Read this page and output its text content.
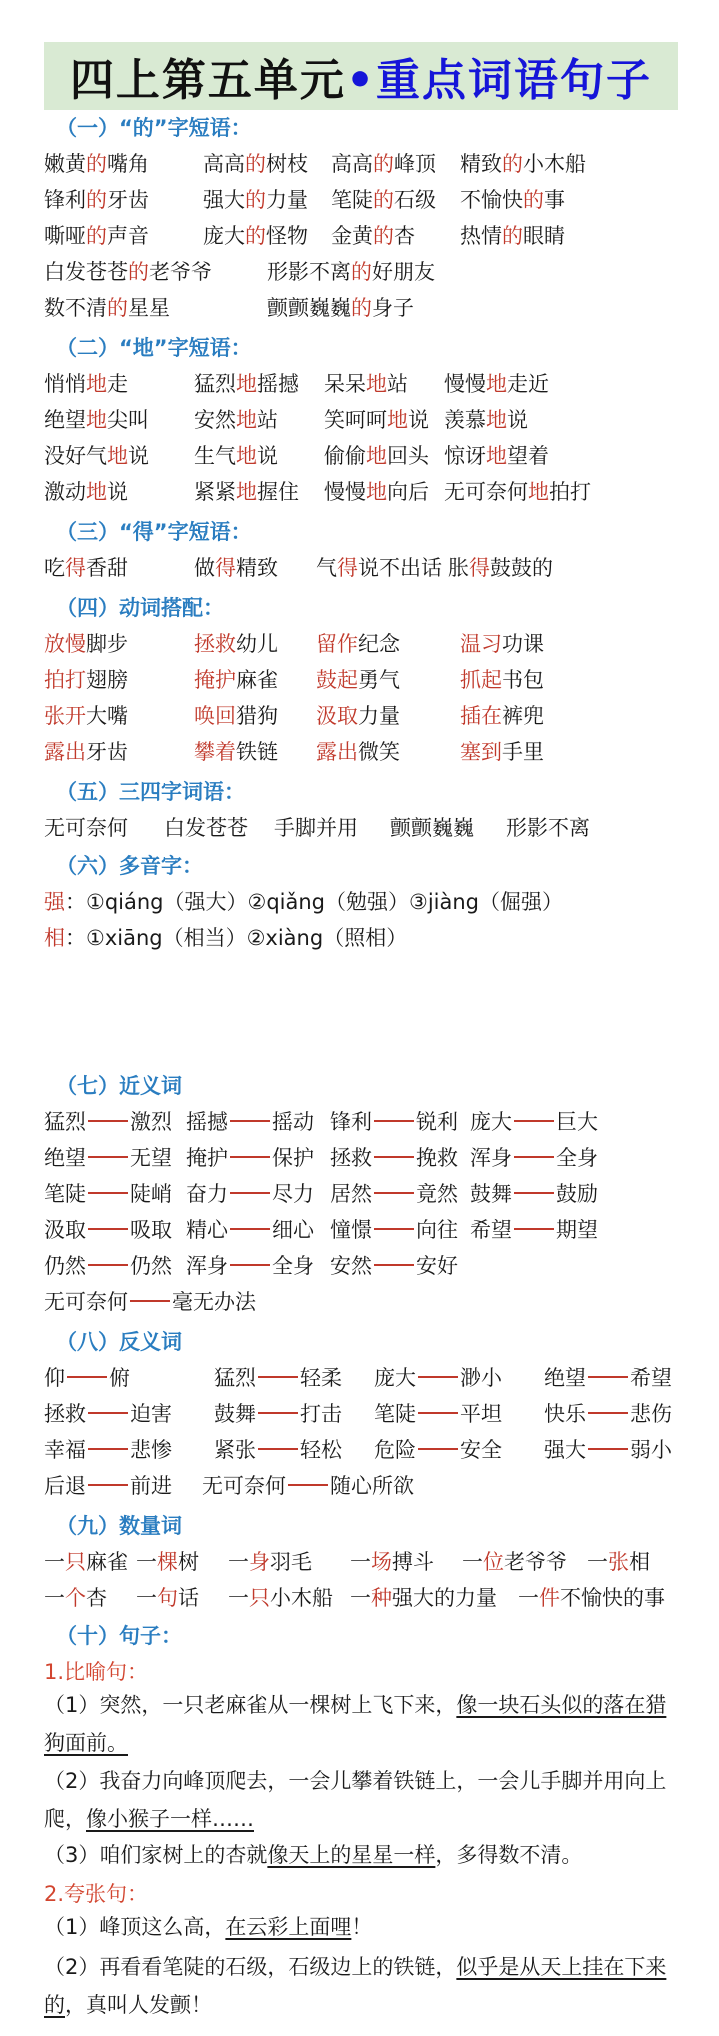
四上第五单元 •重点词语句子
（一）“的”字短语：
嫩黄的嘴角	高高的树枝 高高的峰顶 精致的小木船
锋利的牙齿	强大的力量 笔陡的石级 不愉快的事
嘶哑的声音	庞大的怪物 金黄的杏 热情的眼睛
白发苍苍的老爷爷	形影不离的好朋友
数不清的星星	颤颤巍巍的身子
（二）“地”字短语：
悄悄地走	猛烈地摇撼 呆呆地站 慢慢地走近
绝望地尖叫 安然地站 笑呵呵地说 羡慕地说
没好气地说 生气地说 偷偷地回头 惊讶地望着
激动地说	紧紧地握住 慢慢地向后 无可奈何地拍打
（三）“得”字短语：
吃得香甜	做得精致 气得说不出话 胀得鼓鼓的
（四）动词搭配：
放慢脚步	拯救幼儿 留作纪念	温习功课
拍打翅膀	掩护麻雀 鼓起勇气	抓起书包
张开大嘴	唤回猎狗 汲取力量	插在裤兜
露出牙齿	攀着铁链 露出微笑	塞到手里
（五）三四字词语：
无可奈何 白发苍苍 手脚并用 颤颤巍巍 形影不离
（六）多音字：
强：①qiáng（强大）②qiǎng（勉强）③jiàng（倔强）
相：①xiāng（相当）②xiàng（照相）
（七）近义词
猛烈 激烈 摇撼 摇动 锋利 锐利 庞大 巨大
绝望 无望 掩护 保护 拯救 挽救 浑身 全身
笔陡 陡峭 奋力 尽力 居然 竟然 鼓舞 鼓励
汲取 吸取 精心 细心 憧憬 向往 希望 期望
仍然 仍然 浑身 全身 安然 安好
无可奈何 毫无办法
（八）反义词
仰 俯	猛烈 轻柔 庞大 渺小 绝望 希望
拯救 迫害 鼓舞 打击 笔陡 平坦 快乐 悲伤
幸福 悲惨 紧张 轻松 危险 安全 强大 弱小
后退 前进 无可奈何 随心所欲
（九）数量词
一只麻雀 一棵树 一身羽毛 一场搏斗 一位老爷爷 一张相
一个杏 一句话 一只小木船 一种强大的力量 一件不愉快的事
（十）句子：
1.比喻句：
（1）突然，一只老麻雀从一棵树上飞下来，像一块石头似的落在猎狗面前。
（2）我奋力向峰顶爬去，一会儿攀着铁链上，一会儿手脚并用向上爬，像小猴子一样……
（3）咱们家树上的杏就像天上的星星一样，多得数不清。
2.夸张句：
（1）峰顶这么高，在云彩上面哩！
（2）再看看笔陡的石级，石级边上的铁链，似乎是从天上挂在下来的，真叫人发颤！
